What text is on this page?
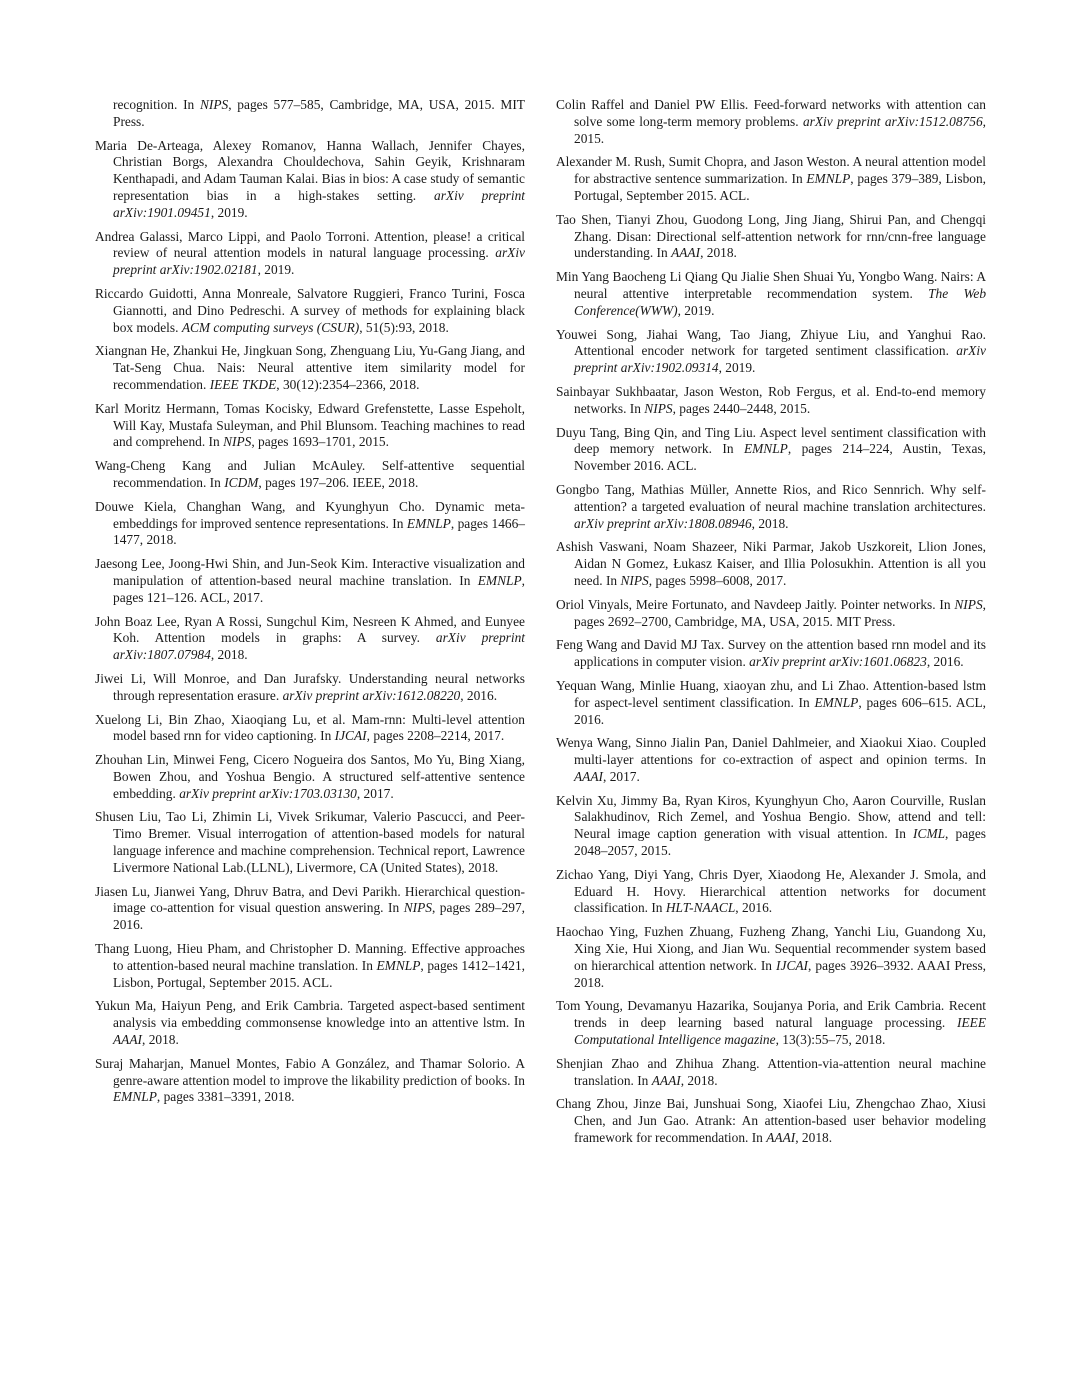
recognition. In NIPS, pages 577–585, Cambridge, MA, USA, 2015. MIT Press.

Maria De-Arteaga, Alexey Romanov, Hanna Wallach, Jennifer Chayes, Christian Borgs, Alexandra Chouldechova, Sahin Geyik, Krishnaram Kenthapadi, and Adam Tauman Kalai. Bias in bios: A case study of semantic representation bias in a high-stakes setting. arXiv preprint arXiv:1901.09451, 2019.

Andrea Galassi, Marco Lippi, and Paolo Torroni. Attention, please! a critical review of neural attention models in natural language processing. arXiv preprint arXiv:1902.02181, 2019.

Riccardo Guidotti, Anna Monreale, Salvatore Ruggieri, Franco Turini, Fosca Giannotti, and Dino Pedreschi. A survey of methods for explaining black box models. ACM computing surveys (CSUR), 51(5):93, 2018.

Xiangnan He, Zhankui He, Jingkuan Song, Zhenguang Liu, Yu-Gang Jiang, and Tat-Seng Chua. Nais: Neural attentive item similarity model for recommendation. IEEE TKDE, 30(12):2354–2366, 2018.

Karl Moritz Hermann, Tomas Kocisky, Edward Grefenstette, Lasse Espeholt, Will Kay, Mustafa Suleyman, and Phil Blunsom. Teaching machines to read and comprehend. In NIPS, pages 1693–1701, 2015.

Wang-Cheng Kang and Julian McAuley. Self-attentive sequential recommendation. In ICDM, pages 197–206. IEEE, 2018.

Douwe Kiela, Changhan Wang, and Kyunghyun Cho. Dynamic meta-embeddings for improved sentence representations. In EMNLP, pages 1466–1477, 2018.

Jaesong Lee, Joong-Hwi Shin, and Jun-Seok Kim. Interactive visualization and manipulation of attention-based neural machine translation. In EMNLP, pages 121–126. ACL, 2017.

John Boaz Lee, Ryan A Rossi, Sungchul Kim, Nesreen K Ahmed, and Eunyee Koh. Attention models in graphs: A survey. arXiv preprint arXiv:1807.07984, 2018.

Jiwei Li, Will Monroe, and Dan Jurafsky. Understanding neural networks through representation erasure. arXiv preprint arXiv:1612.08220, 2016.

Xuelong Li, Bin Zhao, Xiaoqiang Lu, et al. Mam-rnn: Multi-level attention model based rnn for video captioning. In IJCAI, pages 2208–2214, 2017.

Zhouhan Lin, Minwei Feng, Cicero Nogueira dos Santos, Mo Yu, Bing Xiang, Bowen Zhou, and Yoshua Bengio. A structured self-attentive sentence embedding. arXiv preprint arXiv:1703.03130, 2017.

Shusen Liu, Tao Li, Zhimin Li, Vivek Srikumar, Valerio Pascucci, and Peer-Timo Bremer. Visual interrogation of attention-based models for natural language inference and machine comprehension. Technical report, Lawrence Livermore National Lab.(LLNL), Livermore, CA (United States), 2018.

Jiasen Lu, Jianwei Yang, Dhruv Batra, and Devi Parikh. Hierarchical question-image co-attention for visual question answering. In NIPS, pages 289–297, 2016.

Thang Luong, Hieu Pham, and Christopher D. Manning. Effective approaches to attention-based neural machine translation. In EMNLP, pages 1412–1421, Lisbon, Portugal, September 2015. ACL.

Yukun Ma, Haiyun Peng, and Erik Cambria. Targeted aspect-based sentiment analysis via embedding commonsense knowledge into an attentive lstm. In AAAI, 2018.

Suraj Maharjan, Manuel Montes, Fabio A González, and Thamar Solorio. A genre-aware attention model to improve the likability prediction of books. In EMNLP, pages 3381–3391, 2018.

Colin Raffel and Daniel PW Ellis. Feed-forward networks with attention can solve some long-term memory problems. arXiv preprint arXiv:1512.08756, 2015.

Alexander M. Rush, Sumit Chopra, and Jason Weston. A neural attention model for abstractive sentence summarization. In EMNLP, pages 379–389, Lisbon, Portugal, September 2015. ACL.

Tao Shen, Tianyi Zhou, Guodong Long, Jing Jiang, Shirui Pan, and Chengqi Zhang. Disan: Directional self-attention network for rnn/cnn-free language understanding. In AAAI, 2018.

Min Yang Baocheng Li Qiang Qu Jialie Shen Shuai Yu, Yongbo Wang. Nairs: A neural attentive interpretable recommendation system. The Web Conference(WWW), 2019.

Youwei Song, Jiahai Wang, Tao Jiang, Zhiyue Liu, and Yanghui Rao. Attentional encoder network for targeted sentiment classification. arXiv preprint arXiv:1902.09314, 2019.

Sainbayar Sukhbaatar, Jason Weston, Rob Fergus, et al. End-to-end memory networks. In NIPS, pages 2440–2448, 2015.

Duyu Tang, Bing Qin, and Ting Liu. Aspect level sentiment classification with deep memory network. In EMNLP, pages 214–224, Austin, Texas, November 2016. ACL.

Gongbo Tang, Mathias Müller, Annette Rios, and Rico Sennrich. Why self-attention? a targeted evaluation of neural machine translation architectures. arXiv preprint arXiv:1808.08946, 2018.

Ashish Vaswani, Noam Shazeer, Niki Parmar, Jakob Uszkoreit, Llion Jones, Aidan N Gomez, Łukasz Kaiser, and Illia Polosukhin. Attention is all you need. In NIPS, pages 5998–6008, 2017.

Oriol Vinyals, Meire Fortunato, and Navdeep Jaitly. Pointer networks. In NIPS, pages 2692–2700, Cambridge, MA, USA, 2015. MIT Press.

Feng Wang and David MJ Tax. Survey on the attention based rnn model and its applications in computer vision. arXiv preprint arXiv:1601.06823, 2016.

Yequan Wang, Minlie Huang, xiaoyan zhu, and Li Zhao. Attention-based lstm for aspect-level sentiment classification. In EMNLP, pages 606–615. ACL, 2016.

Wenya Wang, Sinno Jialin Pan, Daniel Dahlmeier, and Xiaokui Xiao. Coupled multi-layer attentions for co-extraction of aspect and opinion terms. In AAAI, 2017.

Kelvin Xu, Jimmy Ba, Ryan Kiros, Kyunghyun Cho, Aaron Courville, Ruslan Salakhudinov, Rich Zemel, and Yoshua Bengio. Show, attend and tell: Neural image caption generation with visual attention. In ICML, pages 2048–2057, 2015.

Zichao Yang, Diyi Yang, Chris Dyer, Xiaodong He, Alexander J. Smola, and Eduard H. Hovy. Hierarchical attention networks for document classification. In HLT-NAACL, 2016.

Haochao Ying, Fuzhen Zhuang, Fuzheng Zhang, Yanchi Liu, Guandong Xu, Xing Xie, Hui Xiong, and Jian Wu. Sequential recommender system based on hierarchical attention network. In IJCAI, pages 3926–3932. AAAI Press, 2018.

Tom Young, Devamanyu Hazarika, Soujanya Poria, and Erik Cambria. Recent trends in deep learning based natural language processing. IEEE Computational Intelligence magazine, 13(3):55–75, 2018.

Shenjian Zhao and Zhihua Zhang. Attention-via-attention neural machine translation. In AAAI, 2018.

Chang Zhou, Jinze Bai, Junshuai Song, Xiaofei Liu, Zhengchao Zhao, Xiusi Chen, and Jun Gao. Atrank: An attention-based user behavior modeling framework for recommendation. In AAAI, 2018.
